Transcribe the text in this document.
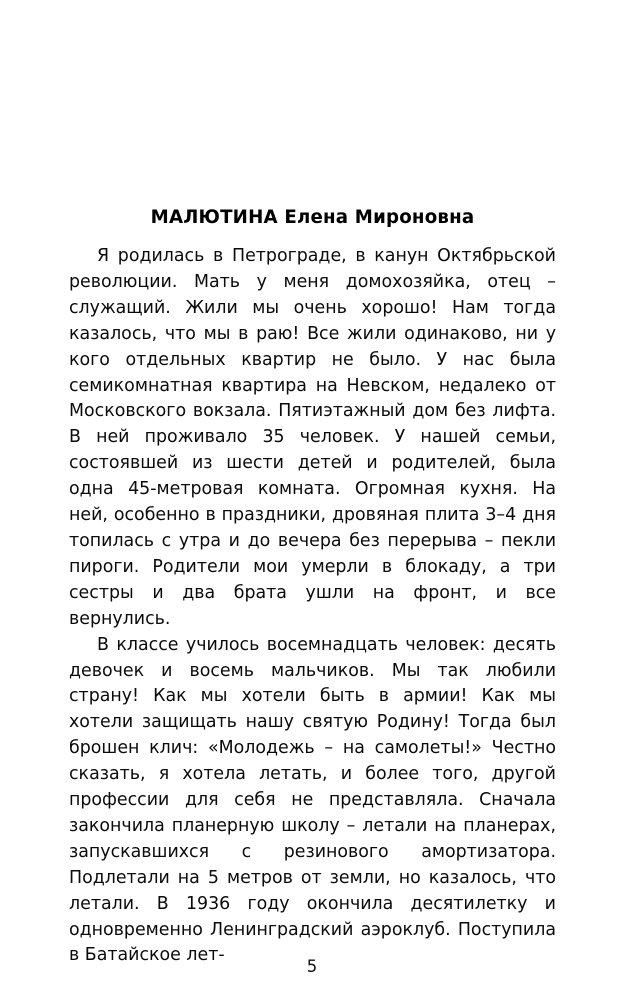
МАЛЮТИНА Елена Мироновна

Я родилась в Петрограде, в канун Октябрьской революции. Мать у меня домохозяйка, отец – служащий. Жили мы очень хорошо! Нам тогда казалось, что мы в раю! Все жили одинаково, ни у кого отдельных квартир не было. У нас была семикомнатная квартира на Невском, недалеко от Московского вокзала. Пятиэтажный дом без лифта. В ней проживало 35 человек. У нашей семьи, состоявшей из шести детей и родителей, была одна 45-метровая комната. Огромная кухня. На ней, особенно в праздники, дровяная плита 3–4 дня топилась с утра и до вечера без перерыва – пекли пироги. Родители мои умерли в блокаду, а три сестры и два брата ушли на фронт, и все вернулись.

В классе училось восемнадцать человек: десять девочек и восемь мальчиков. Мы так любили страну! Как мы хотели быть в армии! Как мы хотели защищать нашу святую Родину! Тогда был брошен клич: «Молодежь – на самолеты!» Честно сказать, я хотела летать, и более того, другой профессии для себя не представляла. Сначала закончила планерную школу – летали на планерах, запускавшихся с резинового амортизатора. Подлетали на 5 метров от земли, но казалось, что летали. В 1936 году окончила десятилетку и одновременно Ленинградский аэроклуб. Поступила в Батайское лет-

5
